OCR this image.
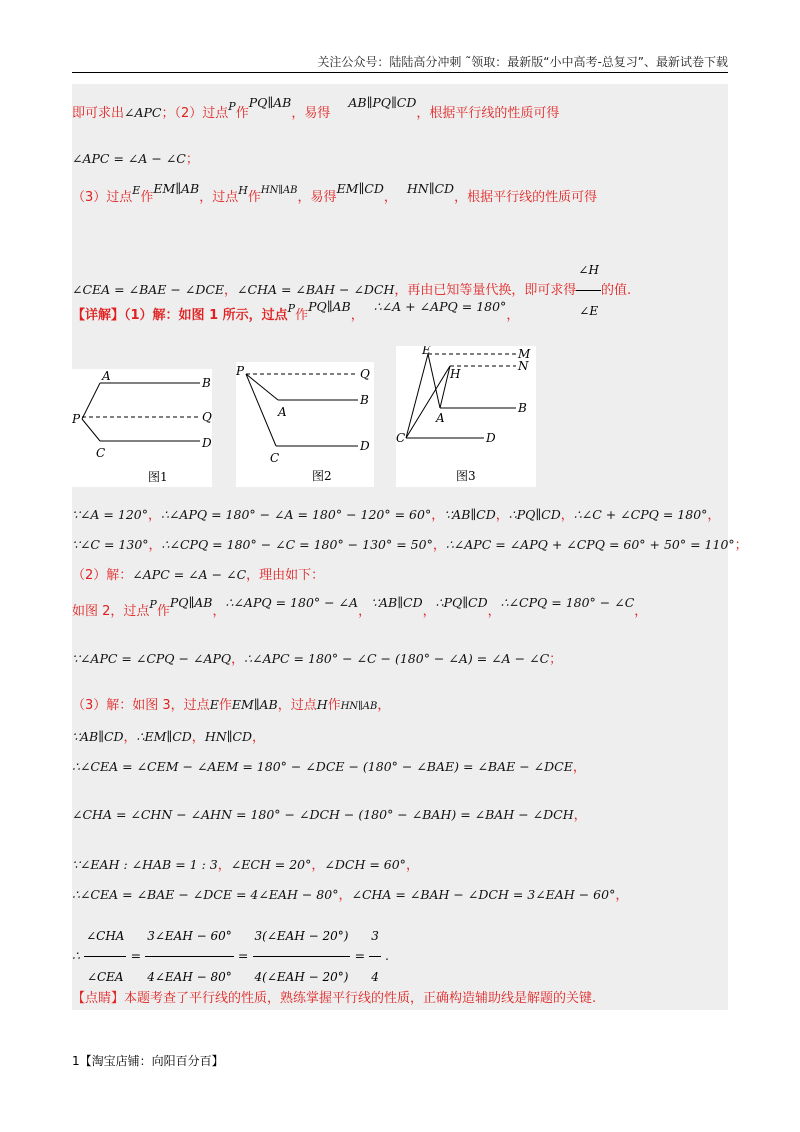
关注公众号：陆陆高分冲刺 ˜领取：最新版“小中高考-总复习”、最新试卷下载
即可求出∠APC；（2）过点$^P$作PQ∥AB，易得AB∥PQ∥CD，根据平行线的性质可得
∠APC = ∠A − ∠C；
（3）过点$^E$作EM∥AB，过点$^H$作$^{HN\parallel AB}$，易得EM∥CD，HN∥CD，根据平行线的性质可得
∠CEA = ∠BAE − ∠DCE，∠CHA = ∠BAH − ∠DCH，再由已知等量代换，即可求得 $\frac{\angle H}{\angle E}$ 的值.
【详解】（1）解：如图 1 所示，过点$^P$作PQ∥AB，∴∠A + ∠APQ = 180°，
A	B
P	Q
C
D
图1
P	Q
A
B
C
D
图2
E	M
N
H
A
B
C	D
图3
∵∠A = 120°，∴∠APQ = 180° − ∠A = 180° − 120° = 60°，∵AB∥CD，∴PQ∥CD，∴∠C + ∠CPQ = 180°，
∵∠C = 130°，∴∠CPQ = 180° − ∠C = 180° − 130° = 50°，∴∠APC = ∠APQ + ∠CPQ = 60° + 50° = 110°；
（2）解：∠APC = ∠A − ∠C，理由如下：
如图 2，过点$^P$作PQ∥AB，∴∠APQ = 180° − ∠A，∵AB∥CD，∴PQ∥CD，∴∠CPQ = 180° − ∠C，
∵∠APC = ∠CPQ − ∠APQ，∴∠APC = 180° − ∠C − (180° − ∠A) = ∠A − ∠C；
（3）解：如图 3，过点E作EM∥AB，过点H作HN∥AB，
∵AB∥CD，∴EM∥CD，HN∥CD，
∴∠CEA = ∠CEM − ∠AEM = 180° − ∠DCE − (180° − ∠BAE) = ∠BAE − ∠DCE，
∠CHA = ∠CHN − ∠AHN = 180° − ∠DCH − (180° − ∠BAH) = ∠BAH − ∠DCH，
∵∠EAH : ∠HAB = 1 : 3，∠ECH = 20°，∠DCH = 60°，
∴∠CEA = ∠BAE − ∠DCE = 4∠EAH − 80°，∠CHA = ∠BAH − ∠DCH = 3∠EAH − 60°，
∴ $\frac{\text{∠CHA}}{\text{∠CEA}} = \frac{\text{3∠EAH − 60°}}{\text{4∠EAH − 80°}} = \frac{\text{3(∠EAH − 20°)}}{\text{4(∠EAH − 20°)}} = \frac{3}{4}$ .
【点睛】本题考查了平行线的性质，熟练掌握平行线的性质，正确构造辅助线是解题的关键.
1【淘宝店铺：向阳百分百】
